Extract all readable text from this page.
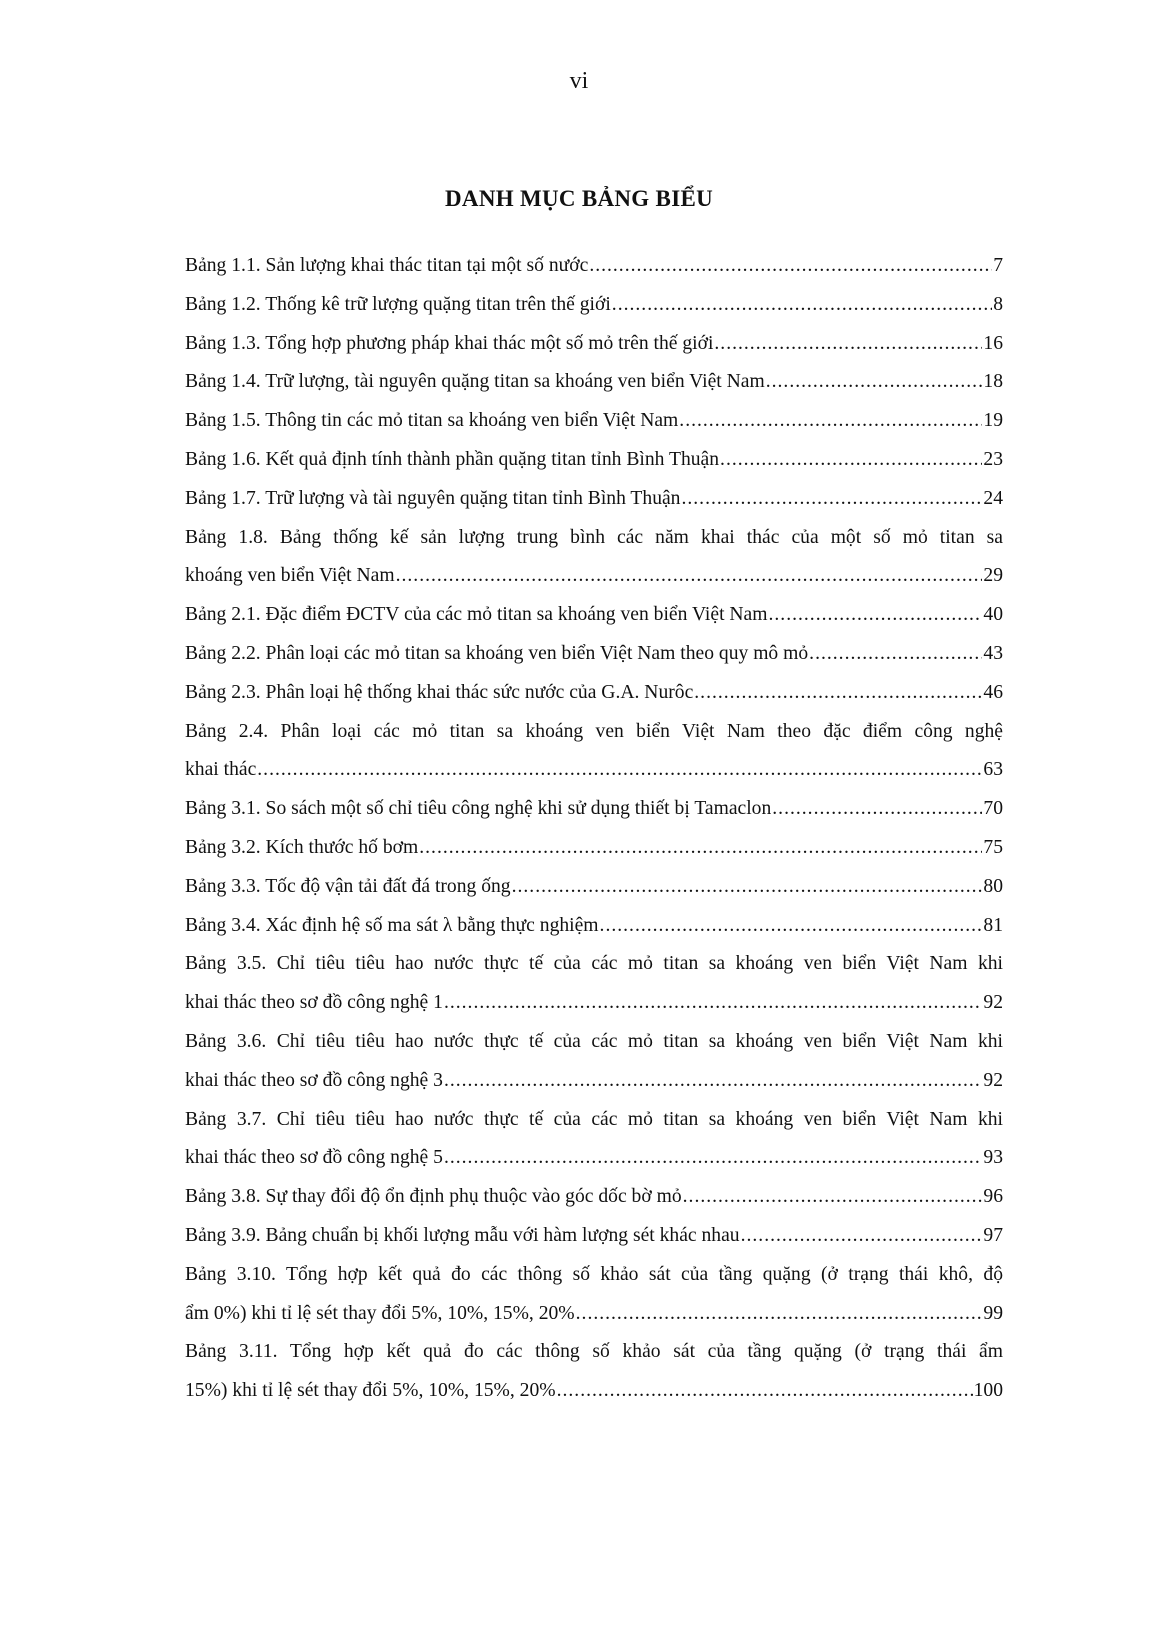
vi
DANH MỤC BẢNG BIỂU
Bảng 1.1. Sản lượng khai thác titan tại một số nước .....	7
Bảng 1.2. Thống kê trữ lượng quặng titan trên thế giới .....	8
Bảng 1.3. Tổng hợp phương pháp khai thác một số mỏ trên thế giới .....	16
Bảng 1.4. Trữ lượng, tài nguyên quặng titan sa khoáng ven biển Việt Nam .....	18
Bảng 1.5. Thông tin các mỏ titan sa khoáng ven biển Việt Nam .....	19
Bảng 1.6. Kết quả định tính thành phần quặng titan tỉnh Bình Thuận .....	23
Bảng 1.7. Trữ lượng và tài nguyên quặng titan tỉnh Bình Thuận .....	24
Bảng 1.8. Bảng thống kế sản lượng trung bình các năm khai thác của một số mỏ titan sa
khoáng ven biển Việt Nam .....	29
Bảng 2.1. Đặc điểm ĐCTV của các mỏ titan sa khoáng ven biển Việt Nam .....	40
Bảng 2.2. Phân loại các mỏ titan sa khoáng ven biển Việt Nam theo quy mô mỏ .....	43
Bảng 2.3. Phân loại hệ thống khai thác sức nước của G.A. Nurôc .....	46
Bảng 2.4. Phân loại các mỏ titan sa khoáng ven biển Việt Nam theo đặc điểm công nghệ
khai thác .....	63
Bảng 3.1. So sách một số chỉ tiêu công nghệ khi sử dụng thiết bị Tamaclon .....	70
Bảng 3.2. Kích thước hố bơm .....	75
Bảng 3.3. Tốc độ vận tải đất đá trong ống .....	80
Bảng 3.4. Xác định hệ số ma sát λ bằng thực nghiệm .....	81
Bảng 3.5. Chỉ tiêu tiêu hao nước thực tế của các mỏ titan sa khoáng ven biển Việt Nam khi
khai thác theo sơ đồ công nghệ 1 .....	92
Bảng 3.6. Chỉ tiêu tiêu hao nước thực tế của các mỏ titan sa khoáng ven biển Việt Nam khi
khai thác theo sơ đồ công nghệ 3 .....	92
Bảng 3.7. Chỉ tiêu tiêu hao nước thực tế của các mỏ titan sa khoáng ven biển Việt Nam khi
khai thác theo sơ đồ công nghệ 5 .....	93
Bảng 3.8. Sự thay đổi độ ổn định phụ thuộc vào góc dốc bờ mỏ .....	96
Bảng 3.9. Bảng chuẩn bị khối lượng mẫu với hàm lượng sét khác nhau .....	97
Bảng 3.10. Tổng hợp kết quả đo các thông số khảo sát của tầng quặng (ở trạng thái khô, độ
ẩm 0%) khi tỉ lệ sét thay đổi 5%, 10%, 15%, 20% .....	99
Bảng 3.11. Tổng hợp kết quả đo các thông số khảo sát của tầng quặng (ở trạng thái ẩm
15%) khi tỉ lệ sét thay đổi 5%, 10%, 15%, 20% .....	100
